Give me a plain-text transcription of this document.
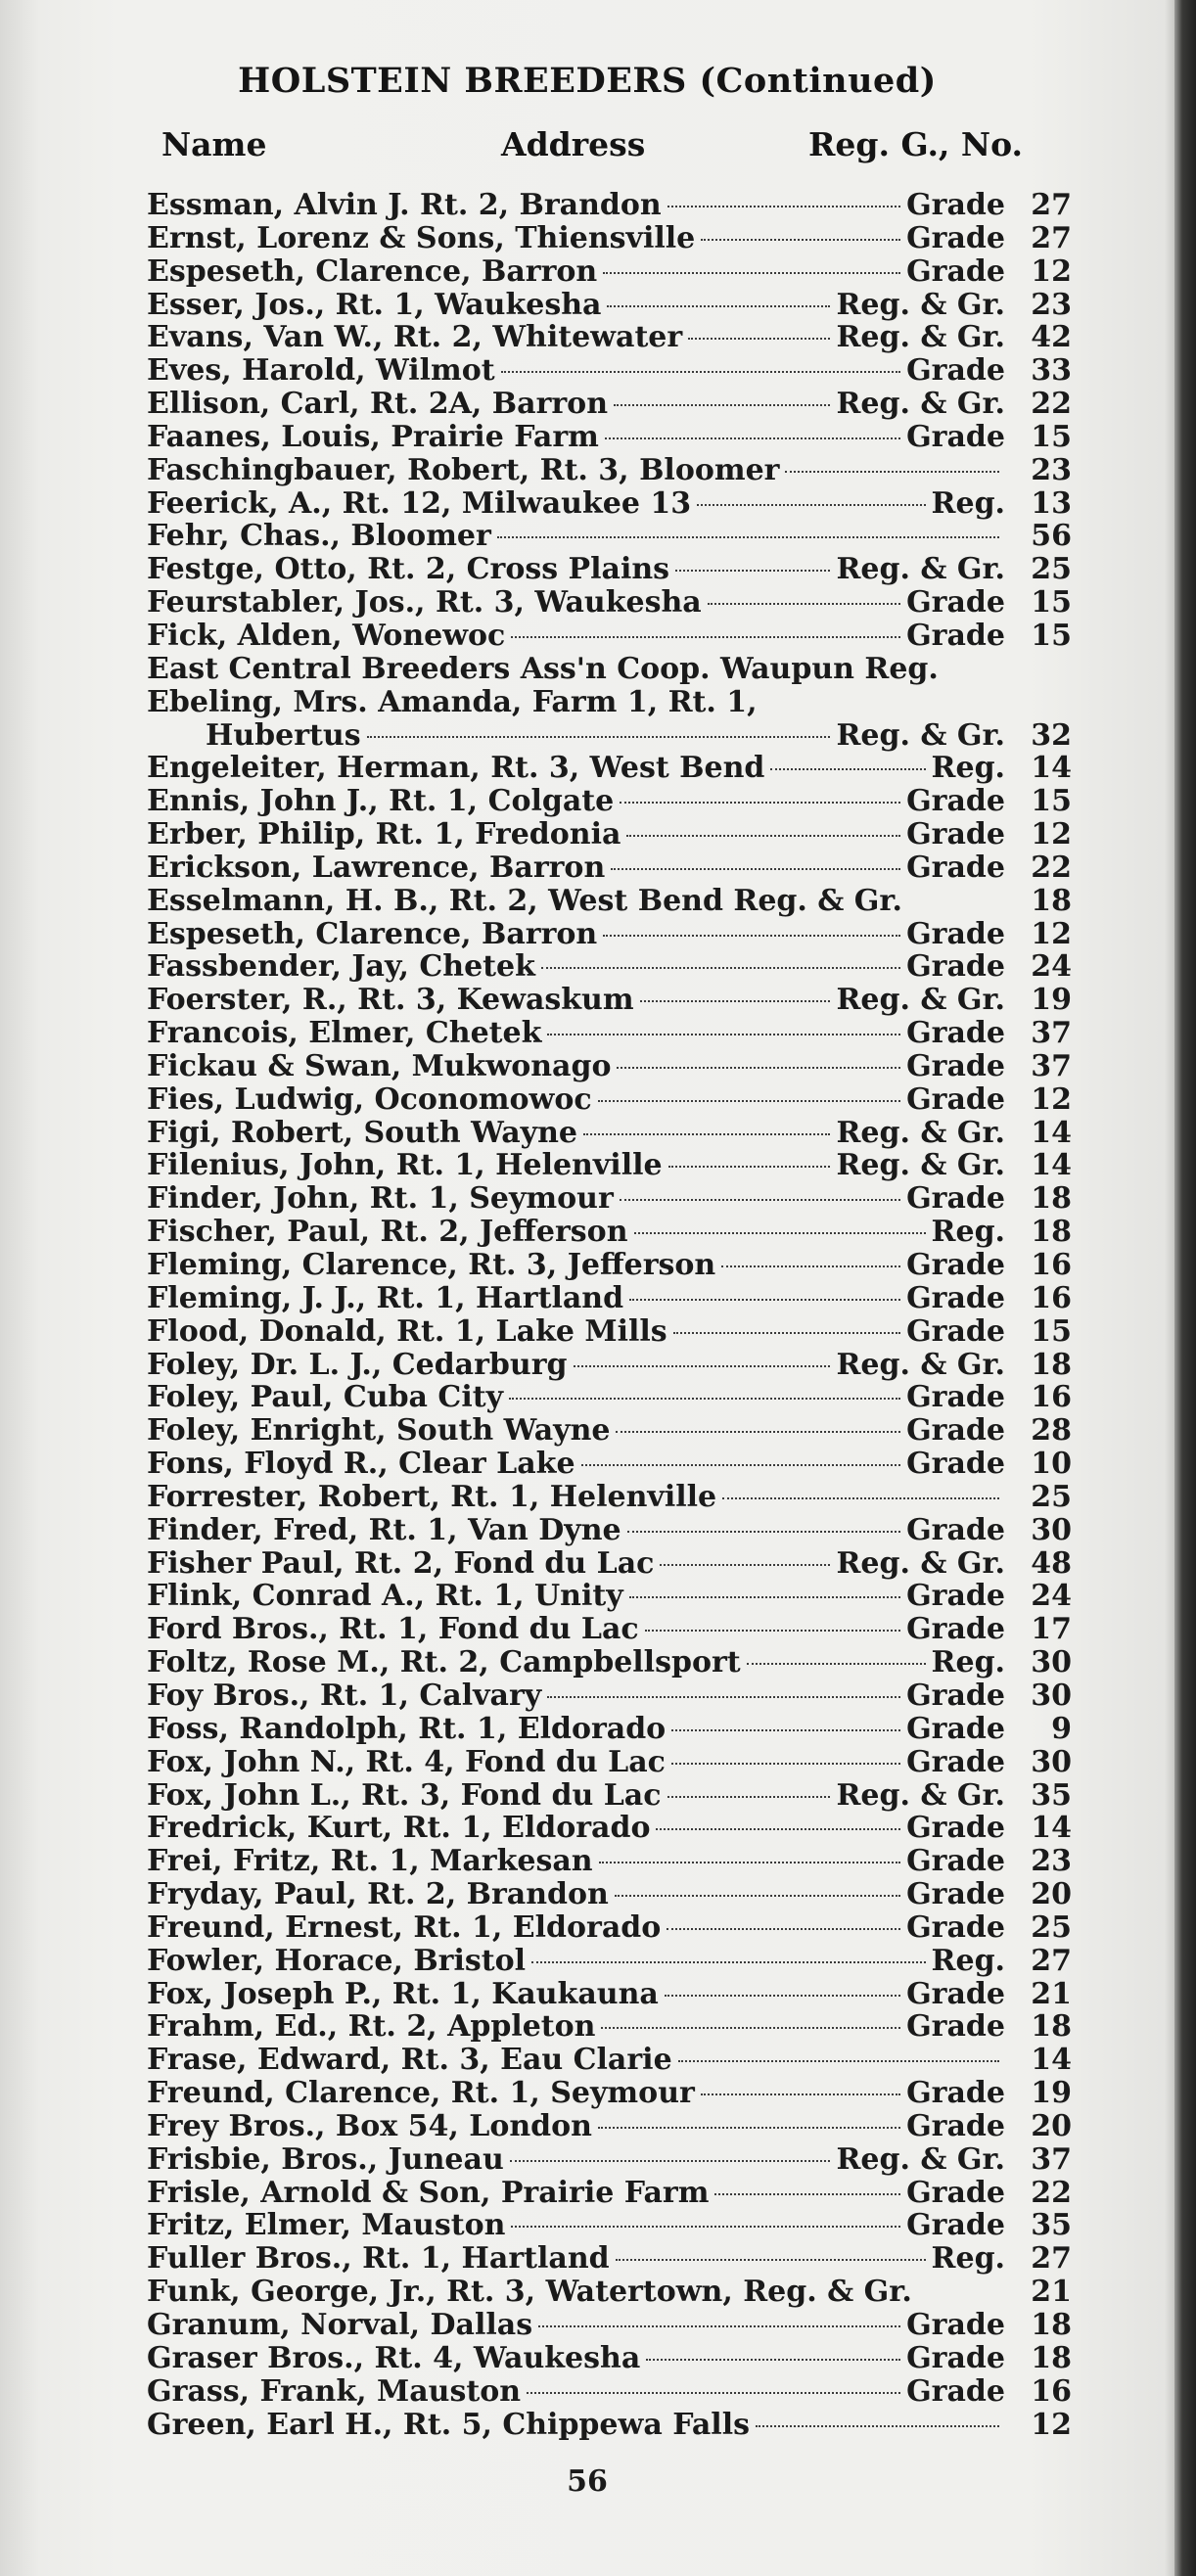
HOLSTEIN BREEDERS (Continued)
Name	Address	Reg. G., No.
Essman, Alvin J. Rt. 2, Brandon	Grade 27
Ernst, Lorenz & Sons, Thiensville	Grade 27
Espeseth, Clarence, Barron	Grade 12
Esser, Jos., Rt. 1, Waukesha	Reg. & Gr. 23
Evans, Van W., Rt. 2, Whitewater	Reg. & Gr. 42
Eves, Harold, Wilmot	Grade 33
Ellison, Carl, Rt. 2A, Barron	Reg. & Gr. 22
Faanes, Louis, Prairie Farm	Grade 15
Faschingbauer, Robert, Rt. 3, Bloomer	23
Feerick, A., Rt. 12, Milwaukee 13	Reg. 13
Fehr, Chas., Bloomer	56
Festge, Otto, Rt. 2, Cross Plains	Reg. & Gr. 25
Feurstabler, Jos., Rt. 3, Waukesha	Grade 15
Fick, Alden, Wonewoc	Grade 15
East Central Breeders Ass'n Coop. Waupun Reg.
Ebeling, Mrs. Amanda, Farm 1, Rt. 1,
Hubertus	Reg. & Gr. 32
Engeleiter, Herman, Rt. 3, West Bend	Reg. 14
Ennis, John J., Rt. 1, Colgate	Grade 15
Erber, Philip, Rt. 1, Fredonia	Grade 12
Erickson, Lawrence, Barron	Grade 22
Esselmann, H. B., Rt. 2, West Bend Reg. & Gr.	18
Espeseth, Clarence, Barron	Grade 12
Fassbender, Jay, Chetek	Grade 24
Foerster, R., Rt. 3, Kewaskum	Reg. & Gr. 19
Francois, Elmer, Chetek	Grade 37
Fickau & Swan, Mukwonago	Grade 37
Fies, Ludwig, Oconomowoc	Grade 12
Figi, Robert, South Wayne	Reg. & Gr. 14
Filenius, John, Rt. 1, Helenville	Reg. & Gr. 14
Finder, John, Rt. 1, Seymour	Grade 18
Fischer, Paul, Rt. 2, Jefferson	Reg. 18
Fleming, Clarence, Rt. 3, Jefferson	Grade 16
Fleming, J. J., Rt. 1, Hartland	Grade 16
Flood, Donald, Rt. 1, Lake Mills	Grade 15
Foley, Dr. L. J., Cedarburg	Reg. & Gr. 18
Foley, Paul, Cuba City	Grade 16
Foley, Enright, South Wayne	Grade 28
Fons, Floyd R., Clear Lake	Grade 10
Forrester, Robert, Rt. 1, Helenville	25
Finder, Fred, Rt. 1, Van Dyne	Grade 30
Fisher Paul, Rt. 2, Fond du Lac	Reg. & Gr. 48
Flink, Conrad A., Rt. 1, Unity	Grade 24
Ford Bros., Rt. 1, Fond du Lac	Grade 17
Foltz, Rose M., Rt. 2, Campbellsport	Reg. 30
Foy Bros., Rt. 1, Calvary	Grade 30
Foss, Randolph, Rt. 1, Eldorado	Grade	9
Fox, John N., Rt. 4, Fond du Lac	Grade 30
Fox, John L., Rt. 3, Fond du Lac	Reg. & Gr. 35
Fredrick, Kurt, Rt. 1, Eldorado	Grade 14
Frei, Fritz, Rt. 1, Markesan	Grade 23
Fryday, Paul, Rt. 2, Brandon	Grade 20
Freund, Ernest, Rt. 1, Eldorado	Grade 25
Fowler, Horace, Bristol	Reg. 27
Fox, Joseph P., Rt. 1, Kaukauna	Grade 21
Frahm, Ed., Rt. 2, Appleton	Grade 18
Frase, Edward, Rt. 3, Eau Clarie	14
Freund, Clarence, Rt. 1, Seymour	Grade 19
Frey Bros., Box 54, London	Grade 20
Frisbie, Bros., Juneau	Reg. & Gr. 37
Frisle, Arnold & Son, Prairie Farm	Grade 22
Fritz, Elmer, Mauston	Grade 35
Fuller Bros., Rt. 1, Hartland	Reg. 27
Funk, George, Jr., Rt. 3, Watertown, Reg. & Gr.	21
Granum, Norval, Dallas	Grade 18
Graser Bros., Rt. 4, Waukesha	Grade 18
Grass, Frank, Mauston	Grade 16
Green, Earl H., Rt. 5, Chippewa Falls	12
56
